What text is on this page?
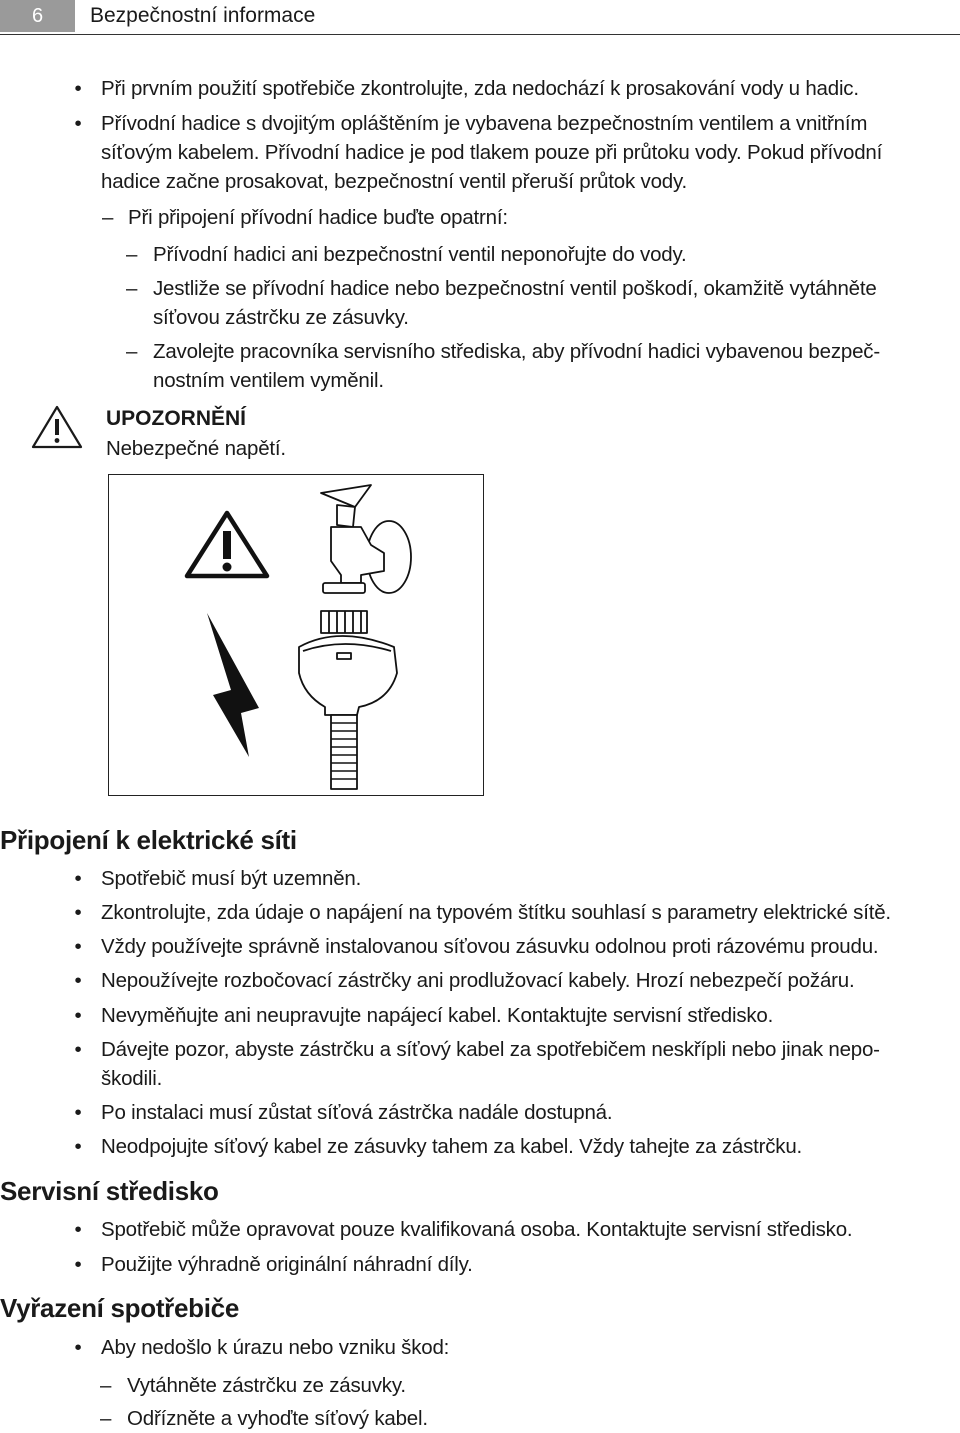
6	Bezpečnostní informace
• Při prvním použití spotřebiče zkontrolujte, zda nedochází k prosakování vody u hadic.
• Přívodní hadice s dvojitým opláštěním je vybavena bezpečnostním ventilem a vnitřním
síťovým kabelem. Přívodní hadice je pod tlakem pouze při průtoku vody. Pokud přívodní
hadice začne prosakovat, bezpečnostní ventil přeruší průtok vody.
– Při připojení přívodní hadice buďte opatrní:
– Přívodní hadici ani bezpečnostní ventil neponořujte do vody.
– Jestliže se přívodní hadice nebo bezpečnostní ventil poškodí, okamžitě vytáhněte
síťovou zástrčku ze zásuvky.
– Zavolejte pracovníka servisního střediska, aby přívodní hadici vybavenou bezpeč-
nostním ventilem vyměnil.
UPOZORNĚNÍ
Nebezpečné napětí.
Připojení k elektrické síti
• Spotřebič musí být uzemněn.
• Zkontrolujte, zda údaje o napájení na typovém štítku souhlasí s parametry elektrické sítě.
• Vždy používejte správně instalovanou síťovou zásuvku odolnou proti rázovému proudu.
• Nepoužívejte rozbočovací zástrčky ani prodlužovací kabely. Hrozí nebezpečí požáru.
• Nevyměňujte ani neupravujte napájecí kabel. Kontaktujte servisní středisko.
• Dávejte pozor, abyste zástrčku a síťový kabel za spotřebičem neskřípli nebo jinak nepo-
škodili.
• Po instalaci musí zůstat síťová zástrčka nadále dostupná.
• Neodpojujte síťový kabel ze zásuvky tahem za kabel. Vždy tahejte za zástrčku.
Servisní středisko
• Spotřebič může opravovat pouze kvalifikovaná osoba. Kontaktujte servisní středisko.
• Použijte výhradně originální náhradní díly.
Vyřazení spotřebiče
• Aby nedošlo k úrazu nebo vzniku škod:
– Vytáhněte zástrčku ze zásuvky.
– Odřízněte a vyhoďte síťový kabel.
